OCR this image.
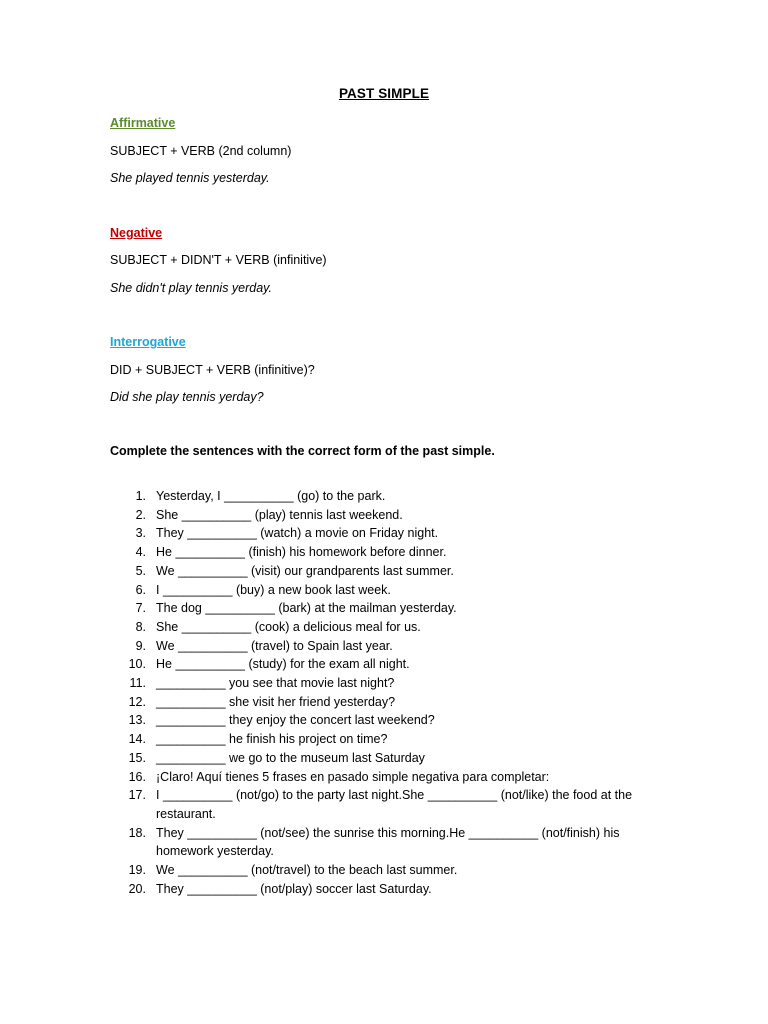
PAST SIMPLE
Affirmative
SUBJECT + VERB (2nd column)
She played tennis yesterday.
Negative
SUBJECT + DIDN'T + VERB (infinitive)
She didn't play tennis yerday.
Interrogative
DID + SUBJECT + VERB (infinitive)?
Did she play tennis yerday?
Complete the sentences with the correct form of the past simple.
1. Yesterday, I __________ (go) to the park.
2. She __________ (play) tennis last weekend.
3. They __________ (watch) a movie on Friday night.
4. He __________ (finish) his homework before dinner.
5. We __________ (visit) our grandparents last summer.
6. I __________ (buy) a new book last week.
7. The dog __________ (bark) at the mailman yesterday.
8. She __________ (cook) a delicious meal for us.
9. We __________ (travel) to Spain last year.
10. He __________ (study) for the exam all night.
11. __________ you see that movie last night?
12. __________ she visit her friend yesterday?
13. __________ they enjoy the concert last weekend?
14. __________ he finish his project on time?
15. __________ we go to the museum last Saturday
16. ¡Claro! Aquí tienes 5 frases en pasado simple negativa para completar:
17. I __________ (not/go) to the party last night.She __________ (not/like) the food at the restaurant.
18. They __________ (not/see) the sunrise this morning.He __________ (not/finish) his homework yesterday.
19. We __________ (not/travel) to the beach last summer.
20. They __________ (not/play) soccer last Saturday.
